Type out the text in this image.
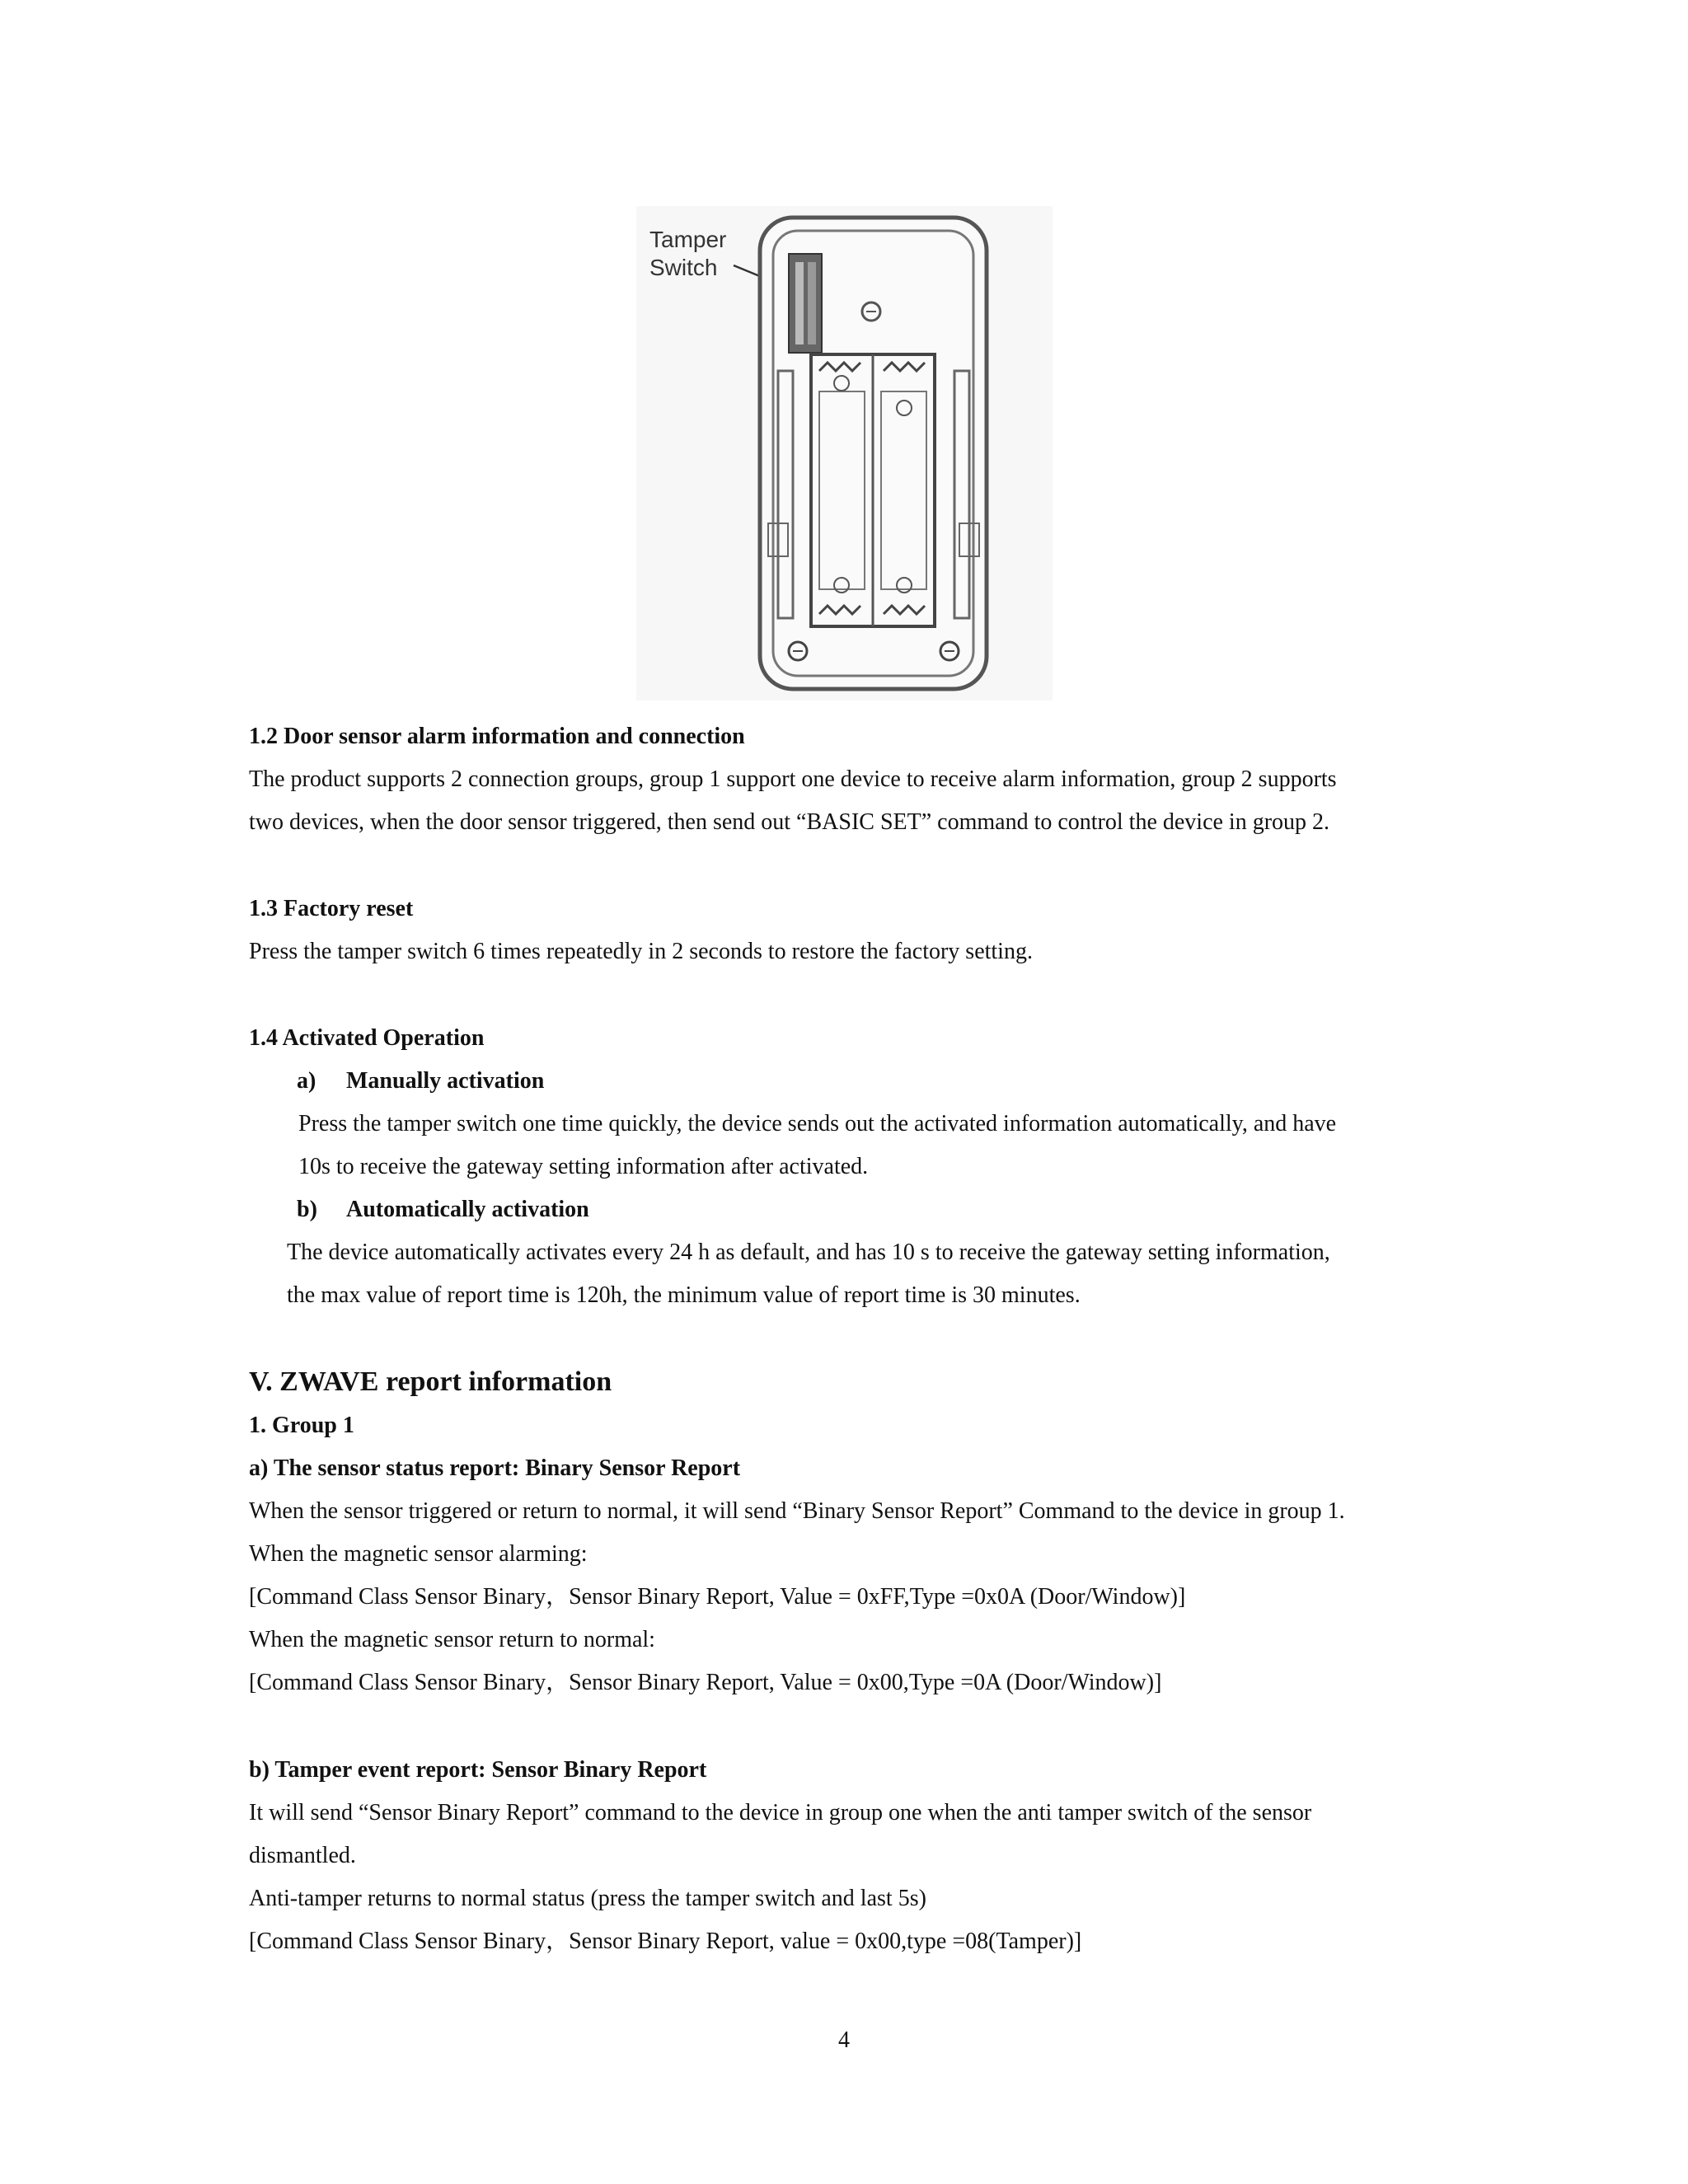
Tamper
Switch

1.2 Door sensor alarm information and connection

The product supports 2 connection groups, group 1 support one device to receive alarm information, group 2 supports

two devices, when the door sensor triggered, then send out “BASIC SET” command to control the device in group 2.

1.3 Factory reset

Press the tamper switch 6 times repeatedly in 2 seconds to restore the factory setting.

1.4 Activated Operation

a)	Manually activation

Press the tamper switch one time quickly, the device sends out the activated information automatically, and have

10s to receive the gateway setting information after activated.

b)	Automatically activation

The device automatically activates every 24 h as default, and has 10 s to receive the gateway setting information,

the max value of report time is 120h, the minimum value of report time is 30 minutes.

V. ZWAVE report information

1. Group 1

a) The sensor status report: Binary Sensor Report

When the sensor triggered or return to normal, it will send “Binary Sensor Report” Command to the device in group 1.

When the magnetic sensor alarming:

[Command Class Sensor Binary，Sensor Binary Report, Value = 0xFF,Type =0x0A (Door/Window)]

When the magnetic sensor return to normal:

[Command Class Sensor Binary，Sensor Binary Report, Value = 0x00,Type =0A (Door/Window)]

b) Tamper event report: Sensor Binary Report

It will send “Sensor Binary Report” command to the device in group one when the anti tamper switch of the sensor

dismantled.

Anti-tamper returns to normal status (press the tamper switch and last 5s)

[Command Class Sensor Binary，Sensor Binary Report, value = 0x00,type =08(Tamper)]

4
